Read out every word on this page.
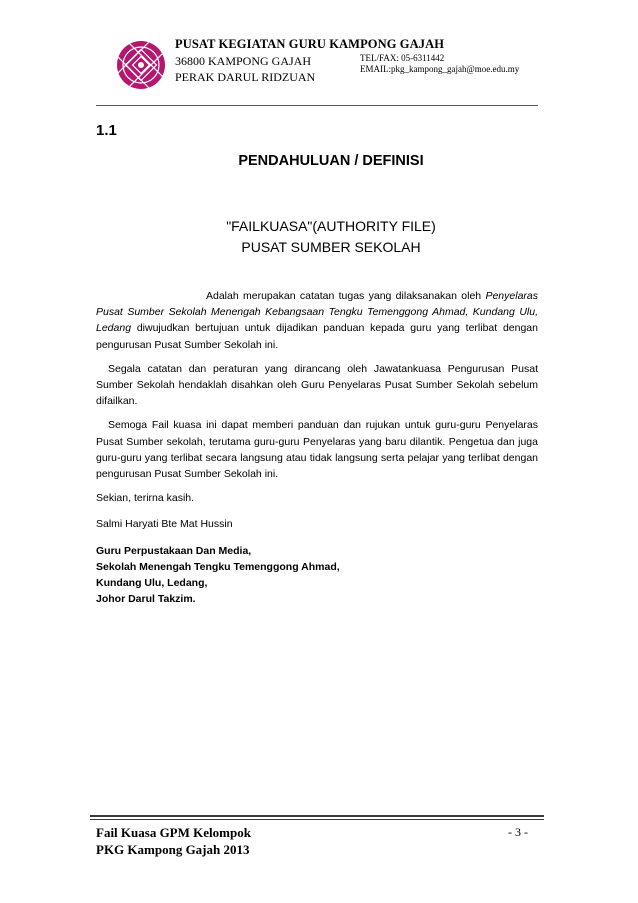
PUSAT KEGIATAN GURU KAMPONG GAJAH
36800 KAMPONG GAJAH
PERAK DARUL RIDZUAN
TEL/FAX: 05-6311442
EMAIL:pkg_kampong_gajah@moe.edu.my
1.1
PENDAHULUAN / DEFINISI
"FAILKUASA"(AUTHORITY FILE)
PUSAT SUMBER SEKOLAH

Adalah merupakan catatan tugas yang dilaksanakan oleh Penyelaras Pusat Sumber Sekolah Menengah Kebangsaan Tengku Temenggong Ahmad, Kundang Ulu, Ledang diwujudkan bertujuan untuk dijadikan panduan kepada guru yang terlibat dengan pengurusan Pusat Sumber Sekolah ini.

Segala catatan dan peraturan yang dirancang oleh Jawatankuasa Pengurusan Pusat Sumber Sekolah hendaklah disahkan oleh Guru Penyelaras Pusat Sumber Sekolah sebelum difailkan.

Semoga Fail kuasa ini dapat memberi panduan dan rujukan untuk guru-guru Penyelaras Pusat Sumber sekolah, terutama guru-guru Penyelaras yang baru dilantik. Pengetua dan juga guru-guru yang terlibat secara langsung atau tidak langsung serta pelajar yang terlibat dengan pengurusan Pusat Sumber Sekolah ini.

Sekian, terirna kasih.

Salmi Haryati Bte Mat Hussin

Guru Perpustakaan Dan Media,
Sekolah Menengah Tengku Temenggong Ahmad,
Kundang Ulu, Ledang,
Johor Darul Takzim.
Fail Kuasa GPM Kelompok
PKG Kampong Gajah 2013
- 3 -
